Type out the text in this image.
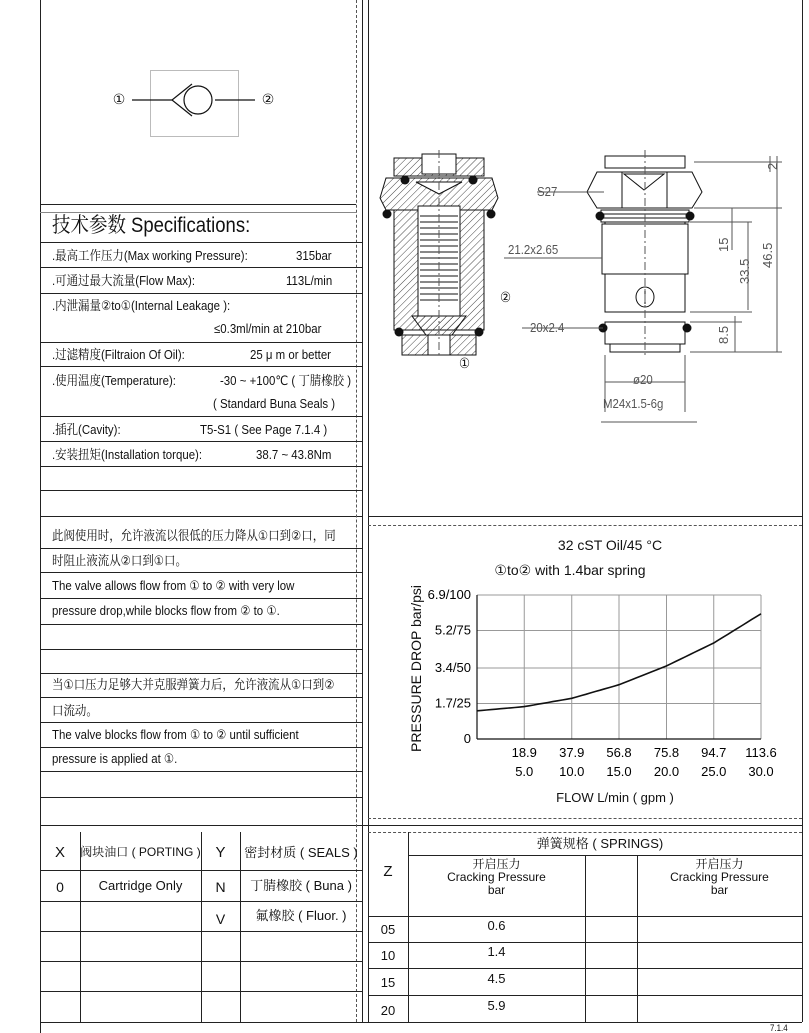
①	②
技术参数 Specifications:
.最高工作压力(Max working Pressure):	315bar
.可通过最大流量(Flow Max):	113L/min
.内泄漏量②to①(Internal Leakage ):
≤0.3ml/min at 210bar
.过滤精度(Filtraion Of Oil):	25 μ m or better
.使用温度(Temperature):	-30 ~ +100℃ ( 丁腈橡胶 )
( Standard Buna Seals )
.插孔(Cavity):	T5-S1 ( See Page 7.1.4 )
.安装扭矩(Installation torque):	38.7 ~ 43.8Nm
S27
21.2x2.65
20x2.4
ø20
M24x1.5-6g
②
①
2
15
33.5
46.5
8.5
此阀使用时，允许液流以很低的压力降从①口到②口，同
时阻止液流从②口到①口。
The valve allows flow from ① to ② with very low
pressure drop,while blocks flow from ② to ①.
当①口压力足够大并克服弹簧力后，允许液流从①口到②
口流动。
The valve blocks flow from ① to ② until sufficient
pressure is applied at ①.
32 cST Oil/45 °C
①to② with 1.4bar spring
PRESSURE DROP bar/psi
FLOW L/min ( gpm )
0
1.7/25
3.4/50
5.2/75
6.9/100
18.9
5.0
37.9
10.0
56.8
15.0
75.8
20.0
94.7
25.0
113.6
30.0
X	阀块油口 ( PORTING ) Y	密封材质 ( SEALS )
0	Cartridge Only	N	丁腈橡胶 ( Buna )
V	氟橡胶 ( Fluor. )
弹簧规格 ( SPRINGS)
Z	开启压力
Cracking Pressure
bar
开启压力
Cracking Pressure
bar
05	0.6
10	1.4
15	4.5
20	5.9
7.1.4
